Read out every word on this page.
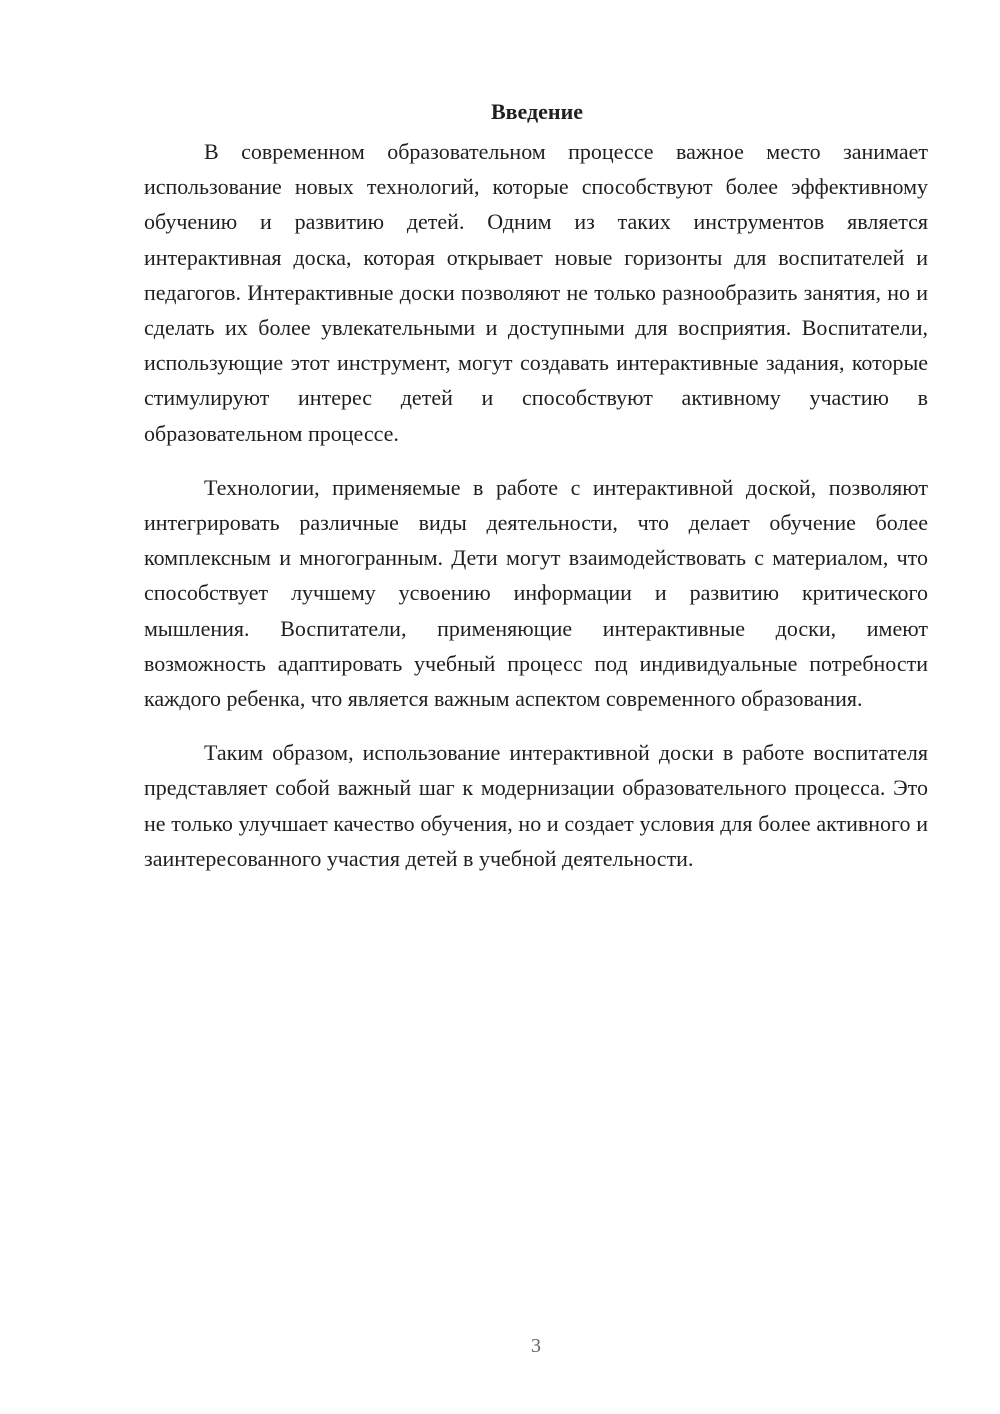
Введение

В современном образовательном процессе важное место занимает использование новых технологий, которые способствуют более эффективному обучению и развитию детей. Одним из таких инструментов является интерактивная доска, которая открывает новые горизонты для воспитателей и педагогов. Интерактивные доски позволяют не только разнообразить занятия, но и сделать их более увлекательными и доступными для восприятия. Воспитатели, использующие этот инструмент, могут создавать интерактивные задания, которые стимулируют интерес детей и способствуют активному участию в образовательном процессе.

Технологии, применяемые в работе с интерактивной доской, позволяют интегрировать различные виды деятельности, что делает обучение более комплексным и многогранным. Дети могут взаимодействовать с материалом, что способствует лучшему усвоению информации и развитию критического мышления. Воспитатели, применяющие интерактивные доски, имеют возможность адаптировать учебный процесс под индивидуальные потребности каждого ребенка, что является важным аспектом современного образования.

Таким образом, использование интерактивной доски в работе воспитателя представляет собой важный шаг к модернизации образовательного процесса. Это не только улучшает качество обучения, но и создает условия для более активного и заинтересованного участия детей в учебной деятельности.

3
